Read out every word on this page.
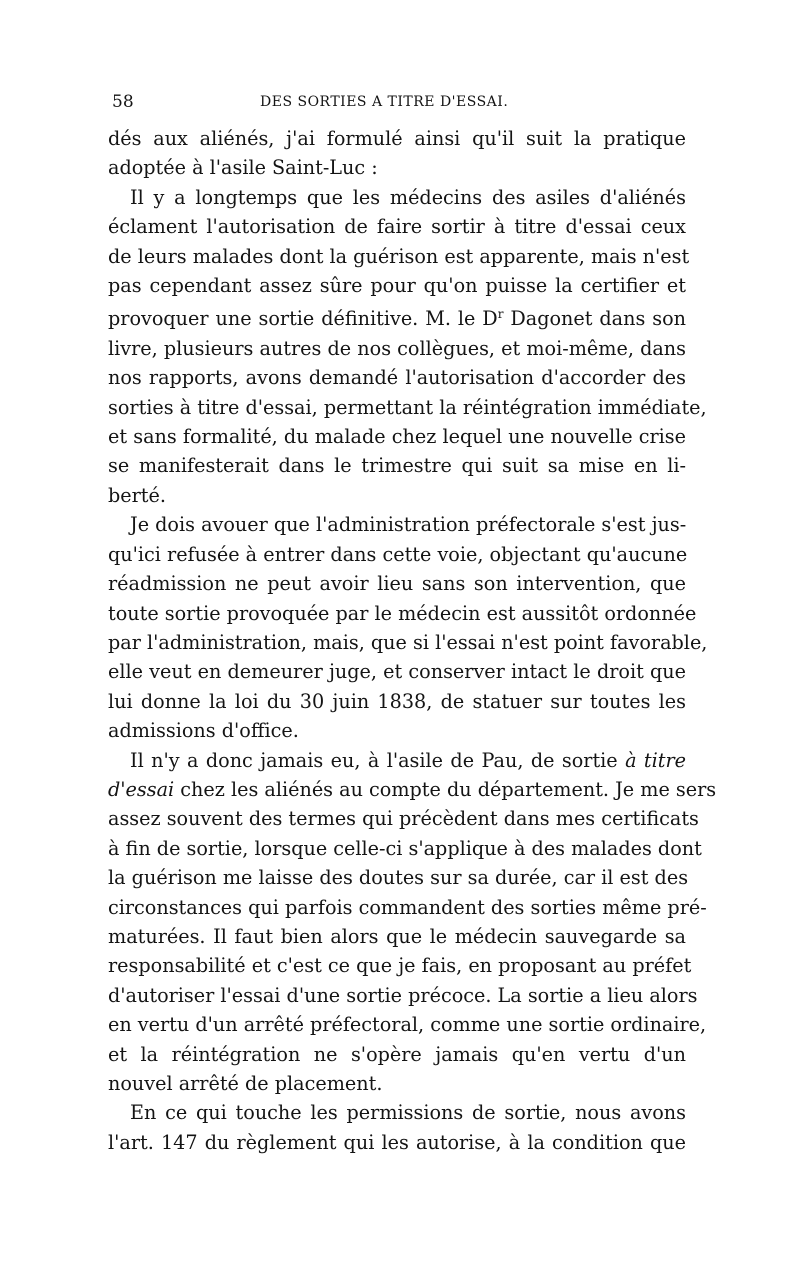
58	DES SORTIES A TITRE D'ESSAI.
dés aux aliénés, j'ai formulé ainsi qu'il suit la pratique
adoptée à l'asile Saint-Luc :
Il y a longtemps que les médecins des asiles d'aliénés
éclament l'autorisation de faire sortir à titre d'essai ceux
de leurs malades dont la guérison est apparente, mais n'est
pas cependant assez sûre pour qu'on puisse la certifier et
provoquer une sortie définitive. M. le $D^r$ Dagonet dans son
livre, plusieurs autres de nos collègues, et moi-même, dans
nos rapports, avons demandé l'autorisation d'accorder des
sorties à titre d'essai, permettant la réintégration immédiate,
et sans formalité, du malade chez lequel une nouvelle crise
se manifesterait dans le trimestre qui suit sa mise en li-
berté.
Je dois avouer que l'administration préfectorale s'est jus-
qu'ici refusée à entrer dans cette voie, objectant qu'aucune
réadmission ne peut avoir lieu sans son intervention, que
toute sortie provoquée par le médecin est aussitôt ordonnée
par l'administration, mais, que si l'essai n'est point favorable,
elle veut en demeurer juge, et conserver intact le droit que
lui donne la loi du 30 juin 1838, de statuer sur toutes les
admissions d'office.
Il n'y a donc jamais eu, à l'asile de Pau, de sortie à titre
d'essai chez les aliénés au compte du département. Je me sers
assez souvent des termes qui précèdent dans mes certificats
à fin de sortie, lorsque celle-ci s'applique à des malades dont
la guérison me laisse des doutes sur sa durée, car il est des
circonstances qui parfois commandent des sorties même pré-
maturées. Il faut bien alors que le médecin sauvegarde sa
responsabilité et c'est ce que je fais, en proposant au préfet
d'autoriser l'essai d'une sortie précoce. La sortie a lieu alors
en vertu d'un arrêté préfectoral, comme une sortie ordinaire,
et la réintégration ne s'opère jamais qu'en vertu d'un
nouvel arrêté de placement.
En ce qui touche les permissions de sortie, nous avons
l'art. 147 du règlement qui les autorise, à la condition que
